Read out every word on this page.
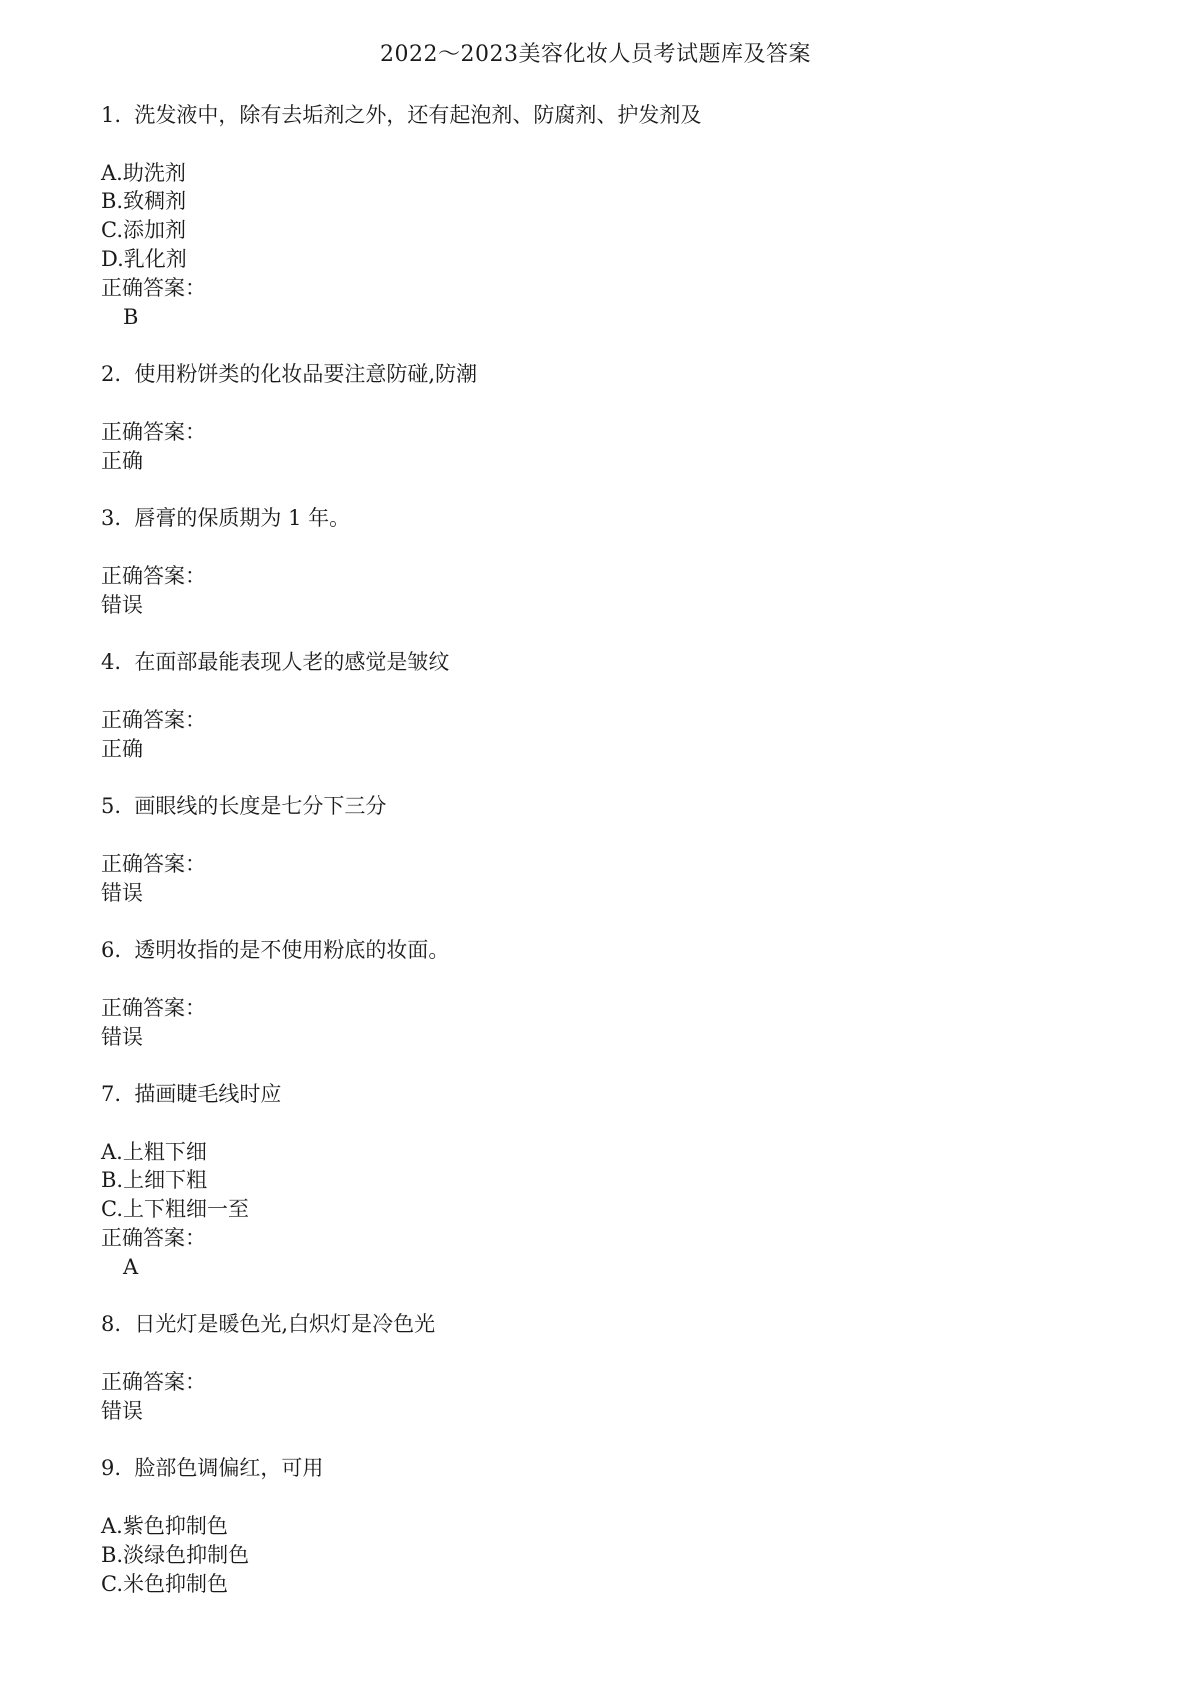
2022～2023美容化妆人员考试题库及答案

1. 洗发液中，除有去垢剂之外，还有起泡剂、防腐剂、护发剂及

A.助洗剂

B.致稠剂

C.添加剂

D.乳化剂

正确答案：

B

2. 使用粉饼类的化妆品要注意防碰,防潮

正确答案：

正确

3. 唇膏的保质期为 1 年。

正确答案：

错误

4. 在面部最能表现人老的感觉是皱纹

正确答案：

正确

5. 画眼线的长度是七分下三分

正确答案：

错误

6. 透明妆指的是不使用粉底的妆面。

正确答案：

错误

7. 描画睫毛线时应

A.上粗下细

B.上细下粗

C.上下粗细一至

正确答案：

A

8. 日光灯是暖色光,白炽灯是冷色光

正确答案：

错误

9. 脸部色调偏红，可用

A.紫色抑制色

B.淡绿色抑制色

C.米色抑制色
